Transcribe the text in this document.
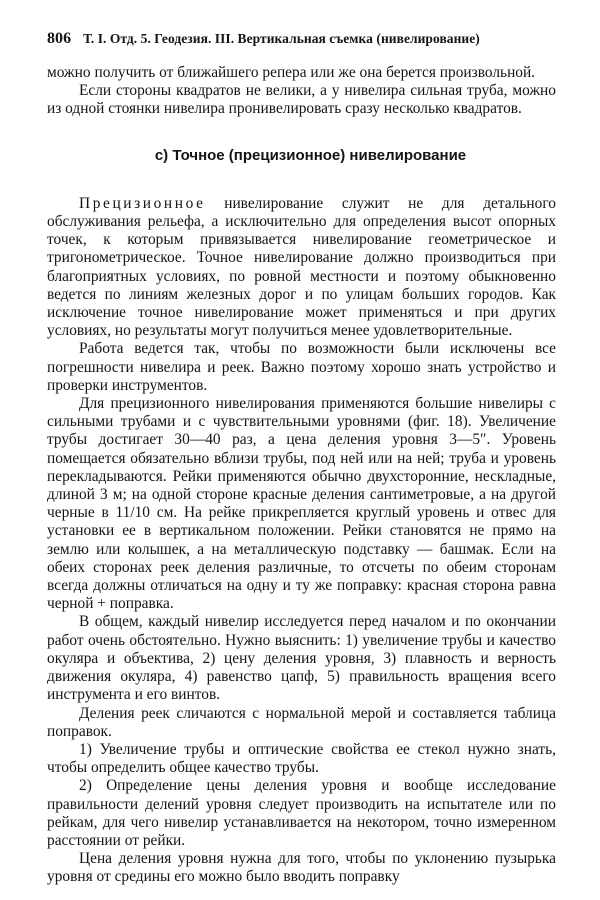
806 Т. I. Отд. 5. Геодезия. III. Вертикальная съемка (нивелирование)

можно получить от ближайшего репера или же она берется произвольной.

Если стороны квадратов не велики, а у нивелира сильная труба, можно из одной стоянки нивелира пронивелировать сразу несколько квадратов.

с) Точное (прецизионное) нивелирование

Прецизионное нивелирование служит не для детального обслуживания рельефа, а исключительно для определения высот опорных точек, к которым привязывается нивелирование геометрическое и тригонометрическое. Точное нивелирование должно производиться при благоприятных условиях, по ровной местности и поэтому обыкновенно ведется по линиям железных дорог и по улицам больших городов. Как исключение точное нивелирование может применяться и при других условиях, но результаты могут получиться менее удовлетворительные.

Работа ведется так, чтобы по возможности были исключены все погрешности нивелира и реек. Важно поэтому хорошо знать устройство и проверки инструментов.

Для прецизионного нивелирования применяются большие нивелиры с сильными трубами и с чувствительными уровнями (фиг. 18). Увеличение трубы достигает 30—40 раз, а цена деления уровня 3—5″. Уровень помещается обязательно вблизи трубы, под ней или на ней; труба и уровень перекладываются. Рейки применяются обычно двухсторонние, нескладные, длиной 3 м; на одной стороне красные деления сантиметровые, а на другой черные в 11/10 см. На рейке прикрепляется круглый уровень и отвес для установки ее в вертикальном положении. Рейки становятся не прямо на землю или колышек, а на металлическую подставку — башмак. Если на обеих сторонах реек деления различные, то отсчеты по обеим сторонам всегда должны отличаться на одну и ту же поправку: красная сторона равна черной + поправка.

В общем, каждый нивелир исследуется перед началом и по окончании работ очень обстоятельно. Нужно выяснить: 1) увеличение трубы и качество окуляра и объектива, 2) цену деления уровня, 3) плавность и верность движения окуляра, 4) равенство цапф, 5) правильность вращения всего инструмента и его винтов.

Деления реек сличаются с нормальной мерой и составляется таблица поправок.

1) Увеличение трубы и оптические свойства ее стекол нужно знать, чтобы определить общее качество трубы.

2) Определение цены деления уровня и вообще исследование правильности делений уровня следует производить на испытателе или по рейкам, для чего нивелир устанавливается на некотором, точно измеренном расстоянии от рейки.

Цена деления уровня нужна для того, чтобы по уклонению пузырька уровня от средины его можно было вводить поправку
